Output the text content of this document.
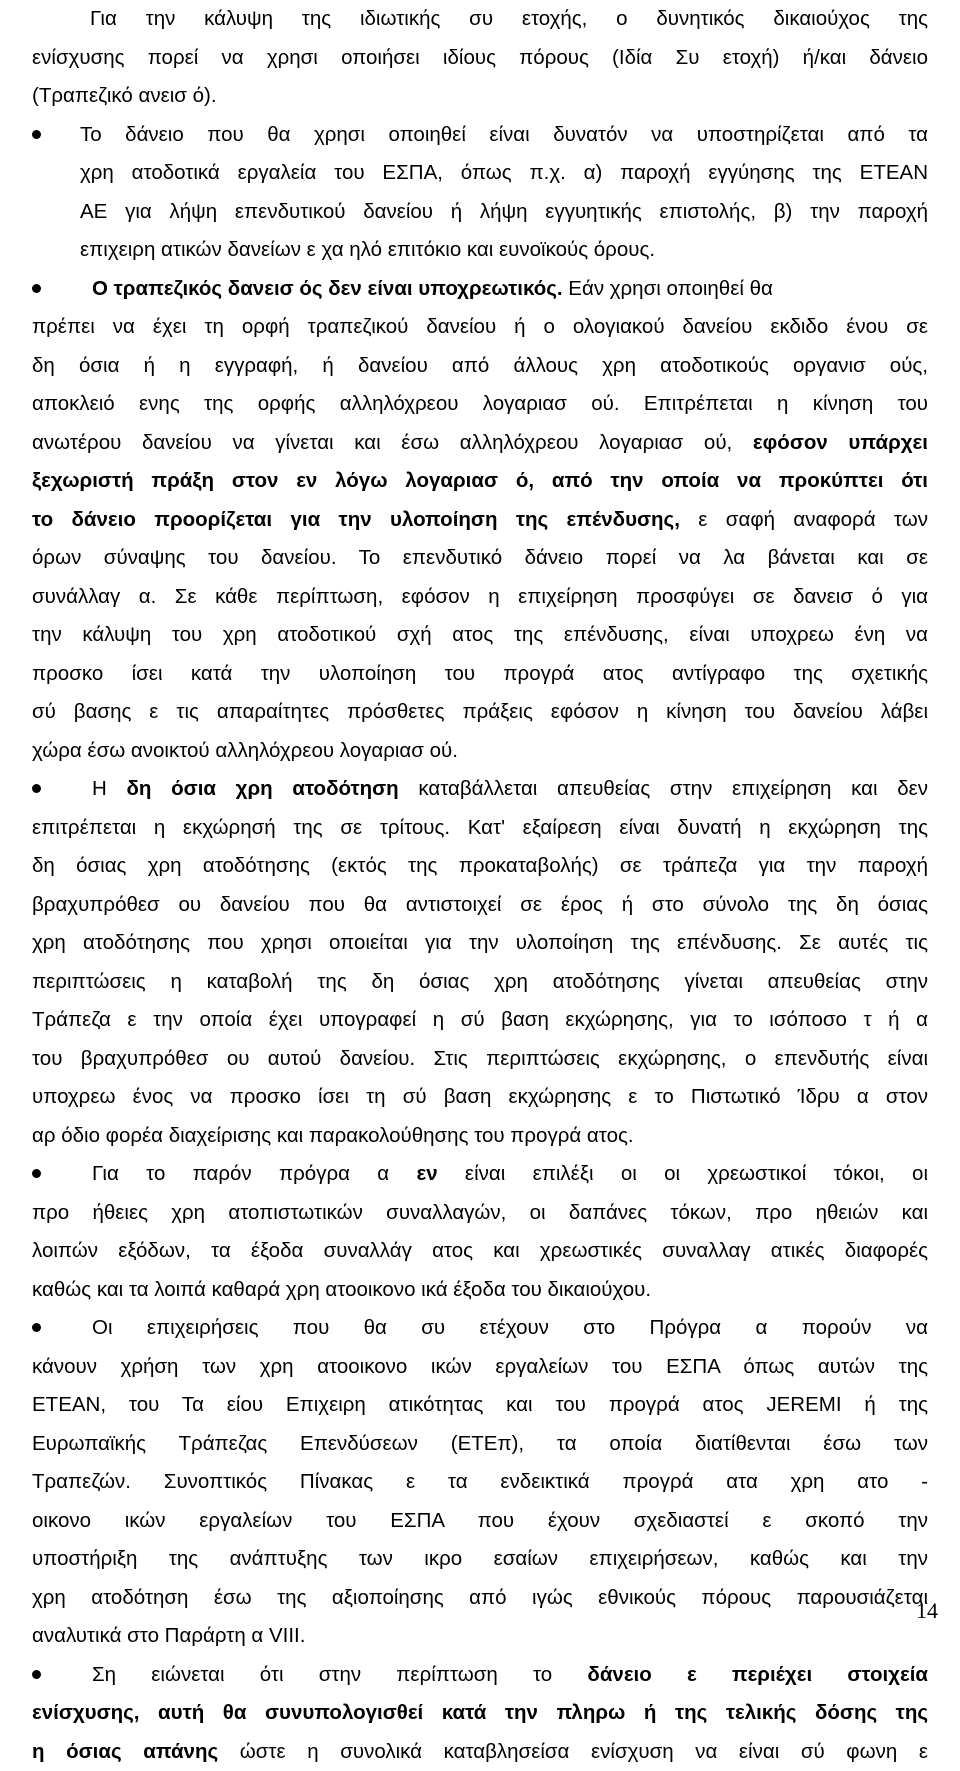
Για την κάλυψη της ιδιωτικής συ ετοχής, ο δυνητικός δικαιούχος της
ενίσχυσης πορεί να χρησι οποιήσει ιδίους πόρους (Ιδία Συ ετοχή) ή/και δάνειο
(Τραπεζικό ανεισ ό).
Το δάνειο που θα χρησι οποιηθεί είναι δυνατόν να υποστηρίζεται από τα
χρη ατοδοτικά εργαλεία του ΕΣΠΑ, όπως π.χ. α) παροχή εγγύησης της ΕΤΕΑΝ
ΑΕ για λήψη επενδυτικού δανείου ή λήψη εγγυητικής επιστολής, β) την παροχή
επιχειρη ατικών δανείων ε χα ηλό επιτόκιο και ευνοϊκούς όρους.
Ο τραπεζικός δανεισ ός δεν είναι υποχρεωτικός. Εάν χρησι οποιηθεί θα
πρέπει να έχει τη ορφή τραπεζικού δανείου ή ο ολογιακού δανείου εκδιδο ένου σε
δη όσια ή η εγγραφή, ή δανείου από άλλους χρη ατοδοτικούς οργανισ ούς,
αποκλειό ενης της ορφής αλληλόχρεου λογαριασ ού. Επιτρέπεται η κίνηση του
ανωτέρου δανείου να γίνεται και έσω αλληλόχρεου λογαριασ ού, εφόσον υπάρχει
ξεχωριστή πράξη στον εν λόγω λογαριασ ό, από την οποία να προκύπτει ότι
το δάνειο προορίζεται για την υλοποίηση της επένδυσης, ε σαφή αναφορά των
όρων σύναψης του δανείου. Το επενδυτικό δάνειο πορεί να λα βάνεται και σε
συνάλλαγ α. Σε κάθε περίπτωση, εφόσον η επιχείρηση προσφύγει σε δανεισ ό για
την κάλυψη του χρη ατοδοτικού σχή ατος της επένδυσης, είναι υποχρεω ένη να
προσκο ίσει κατά την υλοποίηση του προγρά ατος αντίγραφο της σχετικής
σύ βασης ε τις απαραίτητες πρόσθετες πράξεις εφόσον η κίνηση του δανείου λάβει
χώρα έσω ανοικτού αλληλόχρεου λογαριασ ού.
Η δη όσια χρη ατοδότηση καταβάλλεται απευθείας στην επιχείρηση και δεν
επιτρέπεται η εκχώρησή της σε τρίτους. Κατ' εξαίρεση είναι δυνατή η εκχώρηση της
δη όσιας χρη ατοδότησης (εκτός της προκαταβολής) σε τράπεζα για την παροχή
βραχυπρόθεσ ου δανείου που θα αντιστοιχεί σε έρος ή στο σύνολο της δη όσιας
χρη ατοδότησης που χρησι οποιείται για την υλοποίηση της επένδυσης. Σε αυτές τις
περιπτώσεις η καταβολή της δη όσιας χρη ατοδότησης γίνεται απευθείας στην
Τράπεζα ε την οποία έχει υπογραφεί η σύ βαση εκχώρησης, για το ισόποσο τ ή α
του βραχυπρόθεσ ου αυτού δανείου. Στις περιπτώσεις εκχώρησης, ο επενδυτής είναι
υποχρεω ένος να προσκο ίσει τη σύ βαση εκχώρησης ε το Πιστωτικό Ίδρυ α στον
αρ όδιο φορέα διαχείρισης και παρακολούθησης του προγρά ατος.
Για το παρόν πρόγρα α εν είναι επιλέξι οι οι χρεωστικοί τόκοι, οι
προ ήθειες χρη ατοπιστωτικών συναλλαγών, οι δαπάνες τόκων, προ ηθειών και
λοιπών εξόδων, τα έξοδα συναλλάγ ατος και χρεωστικές συναλλαγ ατικές διαφορές
καθώς και τα λοιπά καθαρά χρη ατοοικονο ικά έξοδα του δικαιούχου.
Οι επιχειρήσεις που θα συ ετέχουν στο Πρόγρα α πορούν να
κάνουν χρήση των χρη ατοοικονο ικών εργαλείων του ΕΣΠΑ όπως αυτών της
ΕΤΕΑΝ, του Τα είου Επιχειρη ατικότητας και του προγρά ατος JEREMI ή της
Ευρωπαϊκής Τράπεζας Επενδύσεων (ΕΤΕπ), τα οποία διατίθενται έσω των
Τραπεζών. Συνοπτικός Πίνακας ε τα ενδεικτικά προγρά ατα χρη ατο -
οικονο ικών εργαλείων του ΕΣΠΑ που έχουν σχεδιαστεί ε σκοπό την
υποστήριξη της ανάπτυξης των ικρο εσαίων επιχειρήσεων, καθώς και την
χρη ατοδότηση έσω της αξιοποίησης από ιγώς εθνικούς πόρους παρουσιάζεται
αναλυτικά στο Παράρτη α VIII.
Ση ειώνεται ότι στην περίπτωση το δάνειο ε περιέχει στοιχεία
ενίσχυσης, αυτή θα συνυπολογισθεί κατά την πληρω ή της τελικής δόσης της
η όσιας απάνης ώστε η συνολικά καταβλησείσα ενίσχυση να είναι σύ φωνη ε
14
